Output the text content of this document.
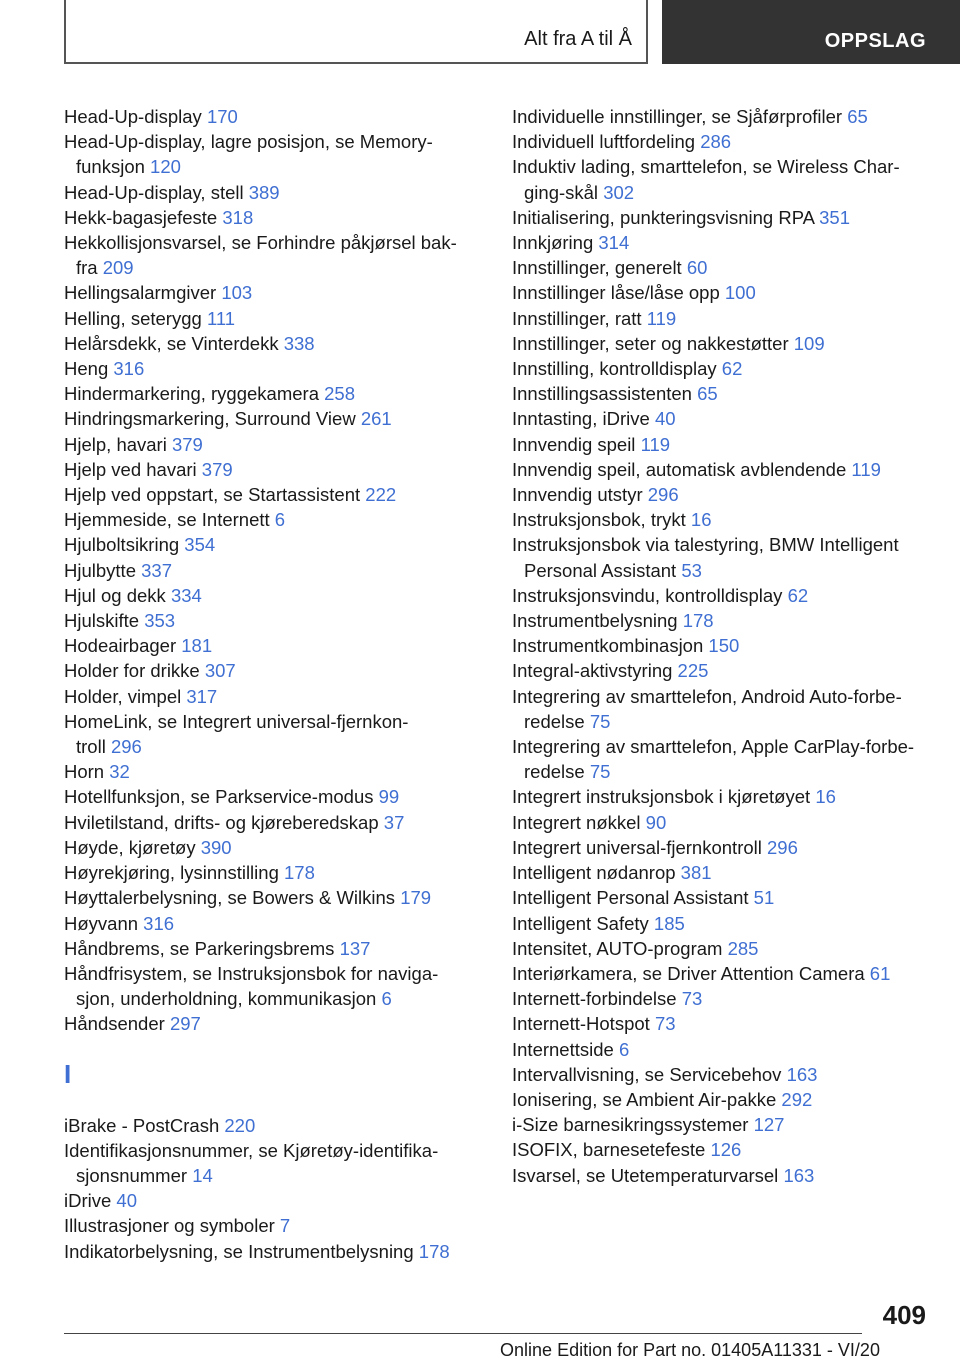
Alt fra A til Å	OPPSLAG
Head-Up-display 170
Head-Up-display, lagre posisjon, se Memory-
funksjon 120
Head-Up-display, stell 389
Hekk-bagasjefeste 318
Hekkollisjonsvarsel, se Forhindre påkjørsel bak-
fra 209
Hellingsalarmgiver 103
Helling, seterygg 111
Helårsdekk, se Vinterdekk 338
Heng 316
Hindermarkering, ryggekamera 258
Hindringsmarkering, Surround View 261
Hjelp, havari 379
Hjelp ved havari 379
Hjelp ved oppstart, se Startassistent 222
Hjemmeside, se Internett 6
Hjulboltsikring 354
Hjulbytte 337
Hjul og dekk 334
Hjulskifte 353
Hodeairbager 181
Holder for drikke 307
Holder, vimpel 317
HomeLink, se Integrert universal-fjernkon-
troll 296
Horn 32
Hotellfunksjon, se Parkservice-modus 99
Hviletilstand, drifts- og kjøreberedskap 37
Høyde, kjøretøy 390
Høyrekjøring, lysinnstilling 178
Høyttalerbelysning, se Bowers & Wilkins 179
Høyvann 316
Håndbrems, se Parkeringsbrems 137
Håndfrisystem, se Instruksjonsbok for naviga-
sjon, underholdning, kommunikasjon 6
Håndsender 297
I
iBrake - PostCrash 220
Identifikasjonsnummer, se Kjøretøy-identifika-
sjonsnummer 14
iDrive 40
Illustrasjoner og symboler 7
Indikatorbelysning, se Instrumentbelysning 178
Individuelle innstillinger, se Sjåførprofiler 65
Individuell luftfordeling 286
Induktiv lading, smarttelefon, se Wireless Char-
ging-skål 302
Initialisering, punkteringsvisning RPA 351
Innkjøring 314
Innstillinger, generelt 60
Innstillinger låse/låse opp 100
Innstillinger, ratt 119
Innstillinger, seter og nakkestøtter 109
Innstilling, kontrolldisplay 62
Innstillingsassistenten 65
Inntasting, iDrive 40
Innvendig speil 119
Innvendig speil, automatisk avblendende 119
Innvendig utstyr 296
Instruksjonsbok, trykt 16
Instruksjonsbok via talestyring, BMW Intelligent
Personal Assistant 53
Instruksjonsvindu, kontrolldisplay 62
Instrumentbelysning 178
Instrumentkombinasjon 150
Integral-aktivstyring 225
Integrering av smarttelefon, Android Auto-forbe-
redelse 75
Integrering av smarttelefon, Apple CarPlay-forbe-
redelse 75
Integrert instruksjonsbok i kjøretøyet 16
Integrert nøkkel 90
Integrert universal-fjernkontroll 296
Intelligent nødanrop 381
Intelligent Personal Assistant 51
Intelligent Safety 185
Intensitet, AUTO-program 285
Interiørkamera, se Driver Attention Camera 61
Internett-forbindelse 73
Internett-Hotspot 73
Internettside 6
Intervallvisning, se Servicebehov 163
Ionisering, se Ambient Air-pakke 292
i-Size barnesikringssystemer 127
ISOFIX, barnesetefeste 126
Isvarsel, se Utetemperaturvarsel 163
409
Online Edition for Part no. 01405A11331 - VI/20
